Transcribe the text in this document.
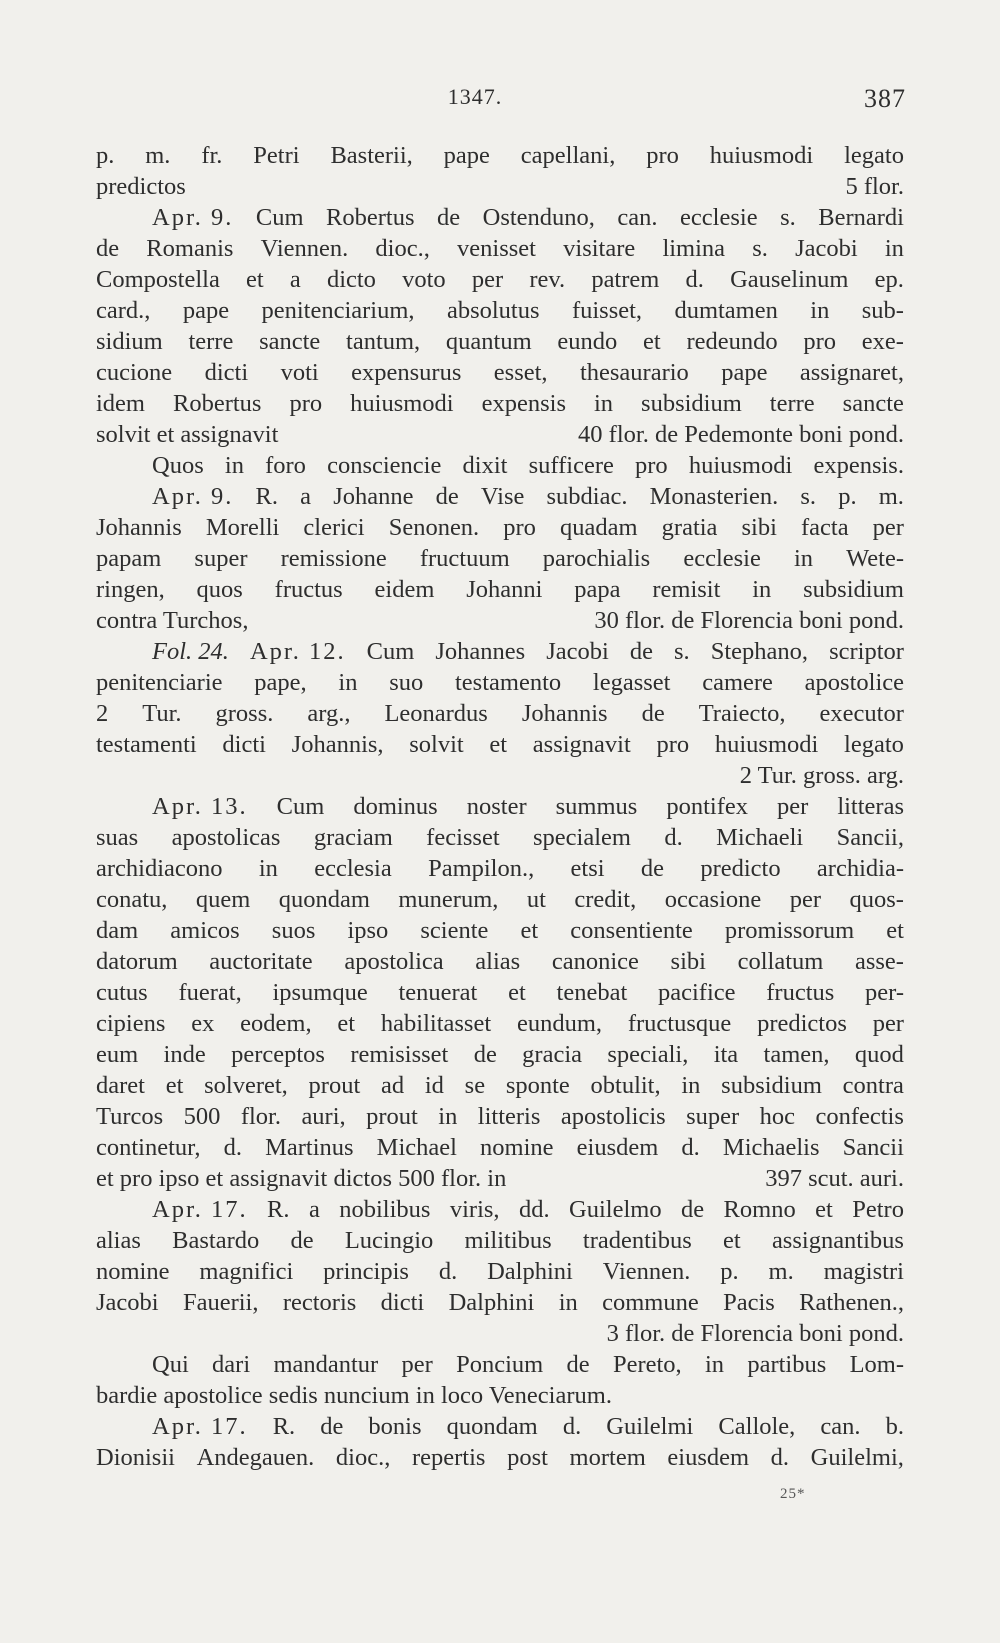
1347.	387
p. m. fr. Petri Basterii, pape capellani, pro huiusmodi legato
predictos	5 flor.
Apr. 9. Cum Robertus de Ostenduno, can. ecclesie s. Bernardi
de Romanis Viennen. dioc., venisset visitare limina s. Jacobi in
Compostella et a dicto voto per rev. patrem d. Gauselinum ep.
card., pape penitenciarium, absolutus fuisset, dumtamen in sub-
sidium terre sancte tantum, quantum eundo et redeundo pro exe-
cucione dicti voti expensurus esset, thesaurario pape assignaret,
idem Robertus pro huiusmodi expensis in subsidium terre sancte
solvit et assignavit	40 flor. de Pedemonte boni pond.
Quos in foro consciencie dixit sufficere pro huiusmodi expensis.
Apr. 9. R. a Johanne de Vise subdiac. Monasterien. s. p. m.
Johannis Morelli clerici Senonen. pro quadam gratia sibi facta per
papam super remissione fructuum parochialis ecclesie in Wete-
ringen, quos fructus eidem Johanni papa remisit in subsidium
contra Turchos,	30 flor. de Florencia boni pond.
Fol. 24. Apr. 12. Cum Johannes Jacobi de s. Stephano, scriptor
penitenciarie pape, in suo testamento legasset camere apostolice
2 Tur. gross. arg., Leonardus Johannis de Traiecto, executor
testamenti dicti Johannis, solvit et assignavit pro huiusmodi legato
2 Tur. gross. arg.
Apr. 13. Cum dominus noster summus pontifex per litteras
suas apostolicas graciam fecisset specialem d. Michaeli Sancii,
archidiacono in ecclesia Pampilon., etsi de predicto archidia-
conatu, quem quondam munerum, ut credit, occasione per quos-
dam amicos suos ipso sciente et consentiente promissorum et
datorum auctoritate apostolica alias canonice sibi collatum asse-
cutus fuerat, ipsumque tenuerat et tenebat pacifice fructus per-
cipiens ex eodem, et habilitasset eundum, fructusque predictos per
eum inde perceptos remisisset de gracia speciali, ita tamen, quod
daret et solveret, prout ad id se sponte obtulit, in subsidium contra
Turcos 500 flor. auri, prout in litteris apostolicis super hoc confectis
continetur, d. Martinus Michael nomine eiusdem d. Michaelis Sancii
et pro ipso et assignavit dictos 500 flor. in	397 scut. auri.
Apr. 17. R. a nobilibus viris, dd. Guilelmo de Romno et Petro
alias Bastardo de Lucingio militibus tradentibus et assignantibus
nomine magnifici principis d. Dalphini Viennen. p. m. magistri
Jacobi Fauerii, rectoris dicti Dalphini in commune Pacis Rathenen.,
3 flor. de Florencia boni pond.
Qui dari mandantur per Poncium de Pereto, in partibus Lom-
bardie apostolice sedis nuncium in loco Veneciarum.
Apr. 17. R. de bonis quondam d. Guilelmi Callole, can. b.
Dionisii Andegauen. dioc., repertis post mortem eiusdem d. Guilelmi,
25*
